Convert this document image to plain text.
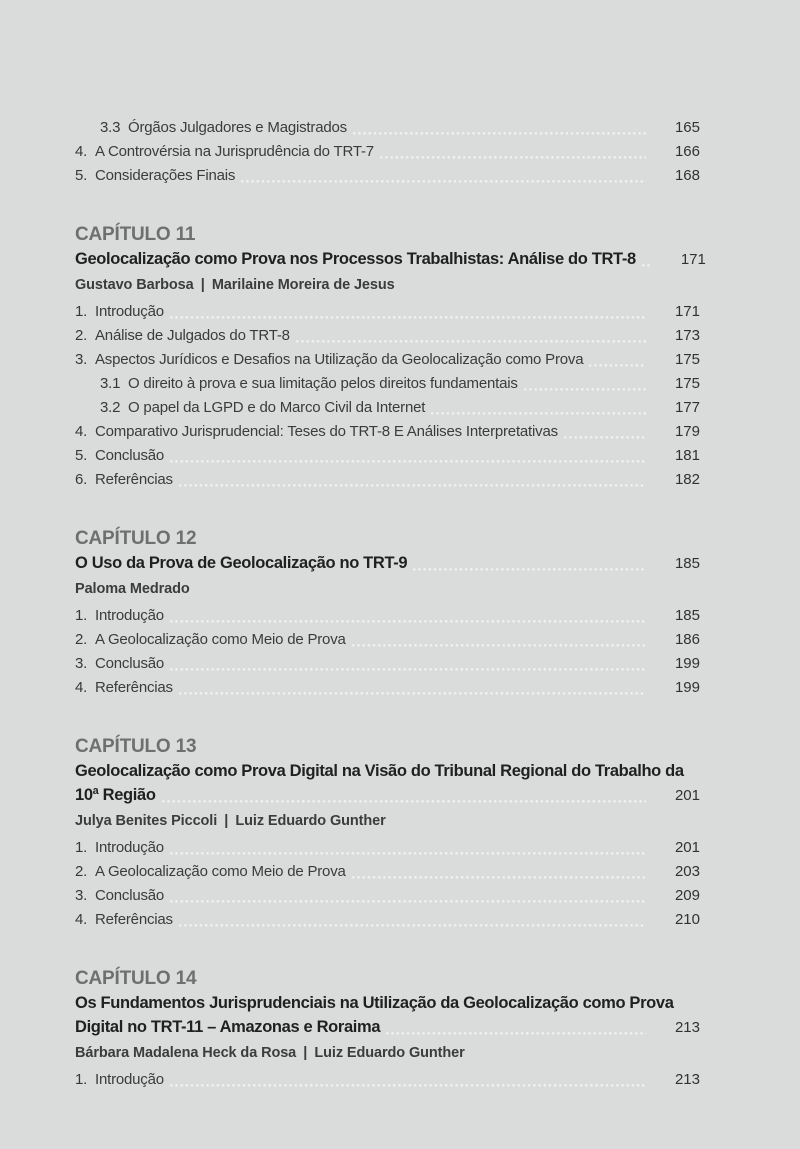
3.3 Órgãos Julgadores e Magistrados	165
4. A Controvérsia na Jurisprudência do TRT-7	166
5. Considerações Finais	168
CAPÍTULO 11
Geolocalização como Prova nos Processos Trabalhistas: Análise do TRT-8	171
Gustavo Barbosa | Marilaine Moreira de Jesus
1. Introdução	171
2. Análise de Julgados do TRT-8	173
3. Aspectos Jurídicos e Desafios na Utilização da Geolocalização como Prova	175
3.1 O direito à prova e sua limitação pelos direitos fundamentais	175
3.2 O papel da LGPD e do Marco Civil da Internet	177
4. Comparativo Jurisprudencial: Teses do TRT-8 E Análises Interpretativas	179
5. Conclusão	181
6. Referências	182
CAPÍTULO 12
O Uso da Prova de Geolocalização no TRT-9	185
Paloma Medrado
1. Introdução	185
2. A Geolocalização como Meio de Prova	186
3. Conclusão	199
4. Referências	199
CAPÍTULO 13
Geolocalização como Prova Digital na Visão do Tribunal Regional do Trabalho da
10ª Região	201
Julya Benites Piccoli | Luiz Eduardo Gunther
1. Introdução	201
2. A Geolocalização como Meio de Prova	203
3. Conclusão	209
4. Referências	210
CAPÍTULO 14
Os Fundamentos Jurisprudenciais na Utilização da Geolocalização como Prova
Digital no TRT-11 – Amazonas e Roraima	213
Bárbara Madalena Heck da Rosa | Luiz Eduardo Gunther
1. Introdução	213
